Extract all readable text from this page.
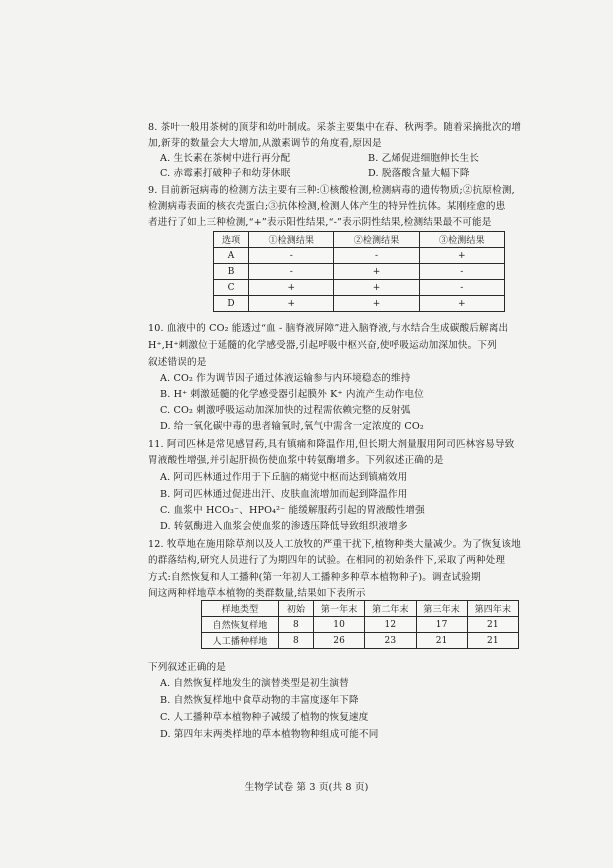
8. 茶叶一般用茶树的顶芽和幼叶制成。采茶主要集中在春、秋两季。随着采摘批次的增
加,新芽的数量会大大增加,从激素调节的角度看,原因是
A. 生长素在茶树中进行再分配	B. 乙烯促进细胞伸长生长
C. 赤霉素打破种子和幼芽休眠	D. 脱落酸含量大幅下降
9. 目前新冠病毒的检测方法主要有三种:①核酸检测,检测病毒的遗传物质;②抗原检测,
检测病毒表面的核衣壳蛋白;③抗体检测,检测人体产生的特异性抗体。某刚痊愈的患
者进行了如上三种检测,“+”表示阳性结果,“-”表示阴性结果,检测结果最不可能是
选项	①检测结果	②检测结果	③检测结果
A	-	-	+
B	-	+	-
C	+	+	-
D	+	+	+
10. 血液中的 CO₂ 能透过“血 - 脑脊液屏障”进入脑脊液,与水结合生成碳酸后解离出
H⁺,H⁺刺激位于延髓的化学感受器,引起呼吸中枢兴奋,使呼吸运动加深加快。下列
叙述错误的是
A. CO₂ 作为调节因子通过体液运输参与内环境稳态的维持
B. H⁺ 刺激延髓的化学感受器引起膜外 K⁺ 内流产生动作电位
C. CO₂ 刺激呼吸运动加深加快的过程需依赖完整的反射弧
D. 给一氧化碳中毒的患者输氧时,氧气中需含一定浓度的 CO₂
11. 阿司匹林是常见感冒药,具有镇痛和降温作用,但长期大剂量服用阿司匹林容易导致
胃液酸性增强,并引起肝损伤使血浆中转氨酶增多。下列叙述正确的是
A. 阿司匹林通过作用于下丘脑的痛觉中枢而达到镇痛效用
B. 阿司匹林通过促进出汗、皮肤血流增加而起到降温作用
C. 血浆中 HCO₃⁻、HPO₄²⁻ 能缓解服药引起的胃液酸性增强
D. 转氨酶进入血浆会使血浆的渗透压降低导致组织液增多
12. 牧草地在施用除草剂以及人工放牧的严重干扰下,植物种类大量减少。为了恢复该地
的群落结构,研究人员进行了为期四年的试验。在相同的初始条件下,采取了两种处理
方式:自然恢复和人工播种(第一年初人工播种多种草本植物种子)。调查试验期
间这两种样地草本植物的类群数量,结果如下表所示
样地类型	初始	第一年末	第二年末	第三年末	第四年末
自然恢复样地	8	10	12	17	21
人工播种样地	8	26	23	21	21
下列叙述正确的是
A. 自然恢复样地发生的演替类型是初生演替
B. 自然恢复样地中食草动物的丰富度逐年下降
C. 人工播种草本植物种子减缓了植物的恢复速度
D. 第四年末两类样地的草本植物物种组成可能不同
生物学试卷 第 3 页(共 8 页)
